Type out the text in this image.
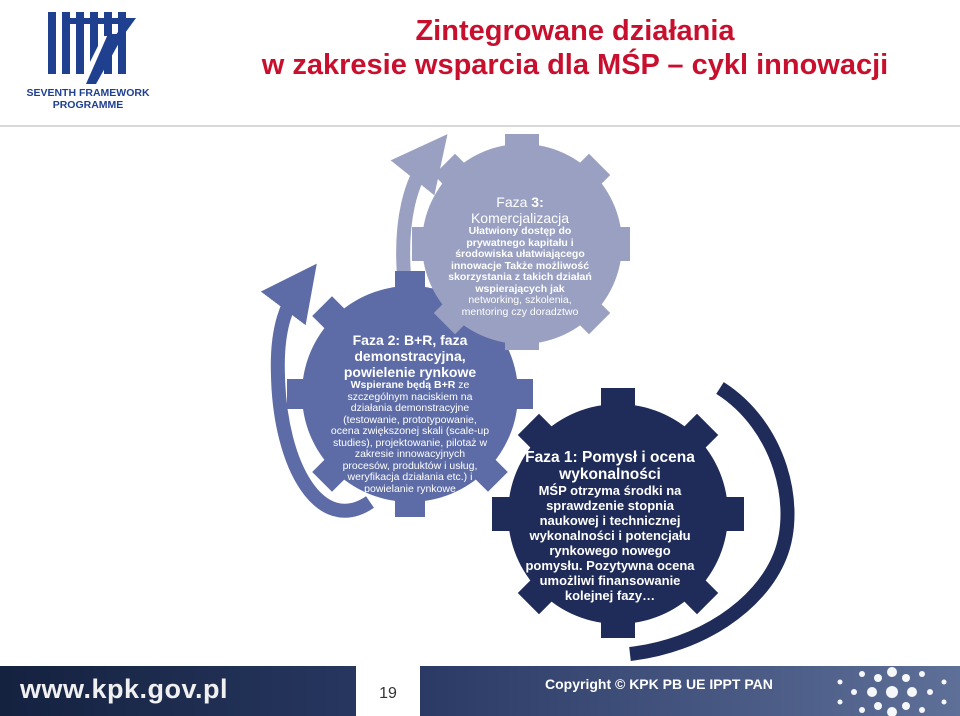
SEVENTH FRAMEWORK
PROGRAMME
Zintegrowane działania
w zakresie wsparcia dla MŚP – cykl innowacji
Faza 3:
Komercjalizacja
Ułatwiony dostęp do prywatnego kapitału i środowiska ułatwiającego innowacje Także możliwość skorzystania z takich działań wspierających jak
networking, szkolenia, mentoring czy doradztwo
Faza 2: B+R, faza demonstracyjna, powielenie rynkowe
Wspierane będą B+R ze
szczególnym naciskiem na działania demonstracyjne (testowanie, prototypowanie, ocena zwiększonej skali (scale-up studies), projektowanie, pilotaż w zakresie innowacyjnych procesów, produktów i usług, weryfikacja działania etc.) i powielanie rynkowe
Faza 1: Pomysł i ocena wykonalności
MŚP otrzyma środki na sprawdzenie stopnia naukowej i technicznej wykonalności i potencjału rynkowego nowego pomysłu. Pozytywna ocena umożliwi finansowanie kolejnej fazy…
www.kpk.gov.pl	19
Copyright © KPK PB UE IPPT PAN
